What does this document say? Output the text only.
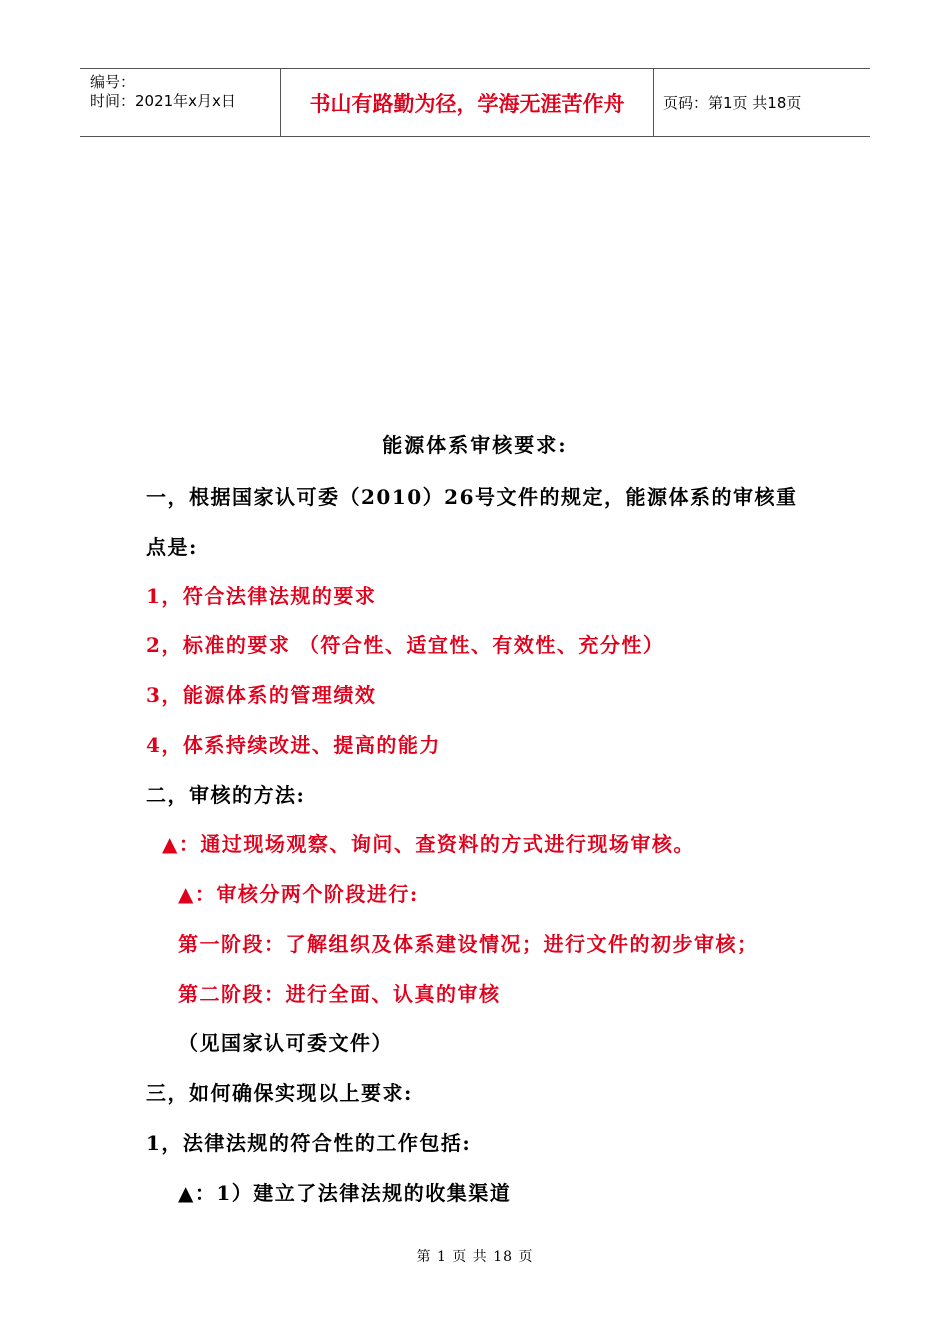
编号：
时间：2021年x月x日	书山有路勤为径，学海无涯苦作舟	页码：第1页 共18页
能源体系审核要求:
一，根据国家认可委（2010）26号文件的规定，能源体系的审核重
点是:
1，符合法律法规的要求
2，标准的要求 （符合性、适宜性、有效性、充分性）
3，能源体系的管理绩效
4，体系持续改进、提高的能力
二，审核的方法:
▲：通过现场观察、询问、查资料的方式进行现场审核。
▲：审核分两个阶段进行:
第一阶段：了解组织及体系建设情况；进行文件的初步审核；
第二阶段：进行全面、认真的审核
（见国家认可委文件）
三，如何确保实现以上要求:
1，法律法规的符合性的工作包括:
▲：1）建立了法律法规的收集渠道
第 1 页 共 18 页
